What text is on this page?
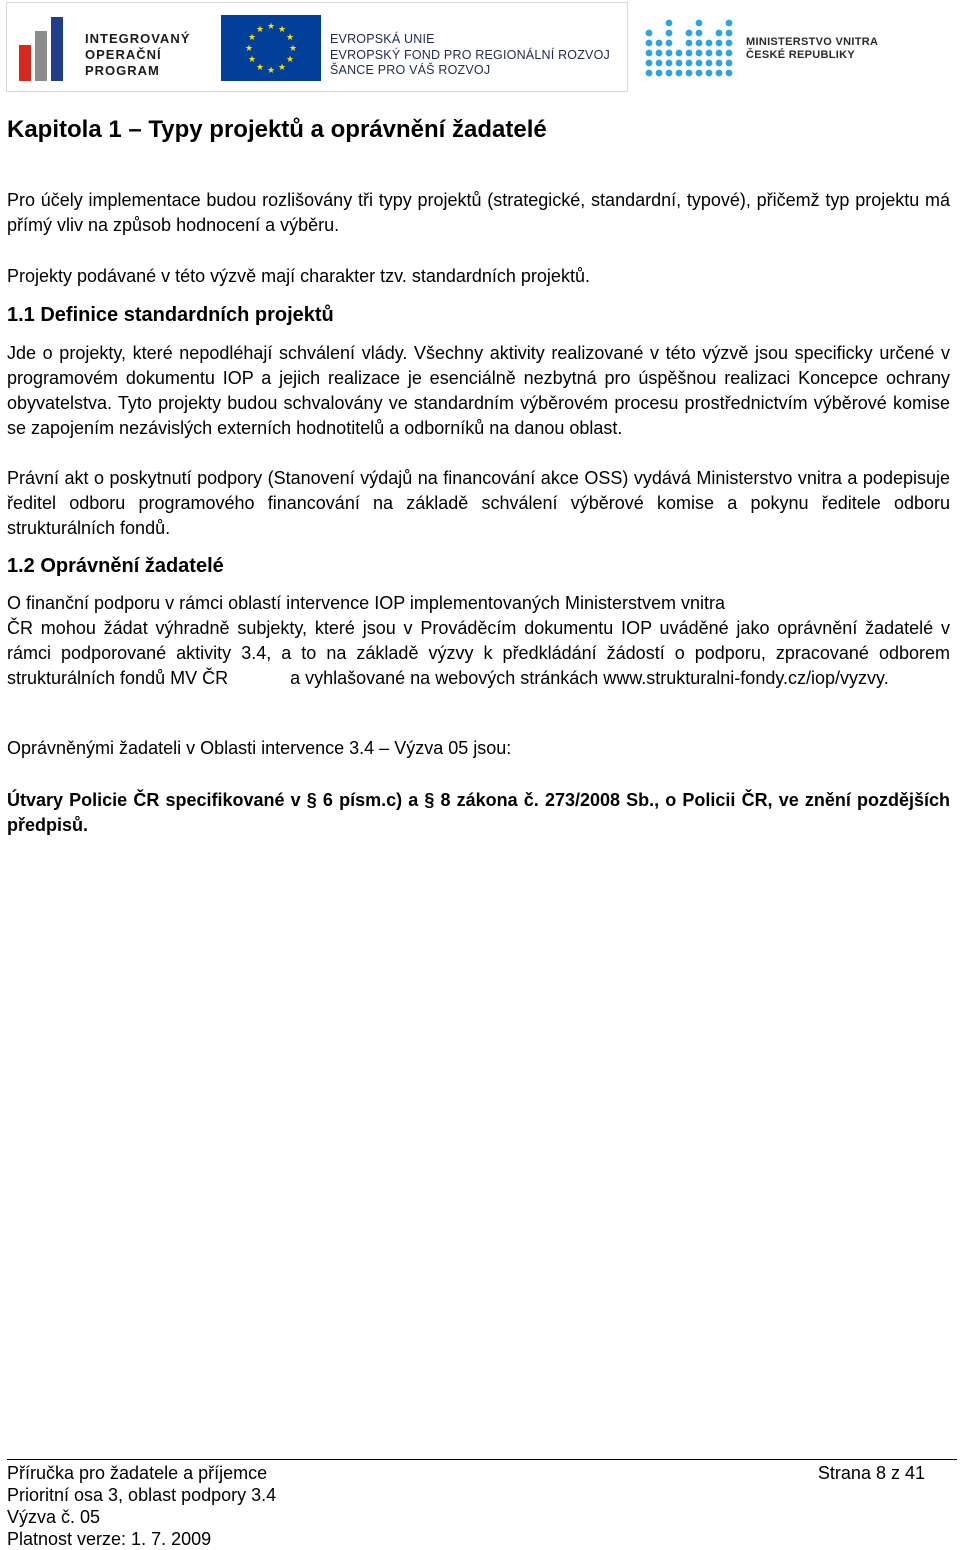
INTEGROVANÝ
OPERAČNÍ
PROGRAM
★ ★
★
★
★
★
★
★
★
★
★
★
EVROPSKÁ UNIE
EVROPSKÝ FOND PRO REGIONÁLNÍ ROZVOJ
ŠANCE PRO VÁŠ ROZVOJ
MINISTERSTVO VNITRA
ČESKÉ REPUBLIKY
Kapitola 1 – Typy projektů a oprávnění žadatelé

Pro účely implementace budou rozlišovány tři typy projektů (strategické, standardní, typové), přičemž typ projektu má přímý vliv na způsob hodnocení a výběru.

Projekty podávané v této výzvě mají charakter tzv. standardních projektů.

1.1 Definice standardních projektů

Jde o projekty, které nepodléhají schválení vlády. Všechny aktivity realizované v této výzvě jsou specificky určené v programovém dokumentu IOP a jejich realizace je esenciálně nezbytná pro úspěšnou realizaci Koncepce ochrany obyvatelstva. Tyto projekty budou schvalovány ve standardním výběrovém procesu prostřednictvím výběrové komise se zapojením nezávislých externích hodnotitelů a odborníků na danou oblast.

Právní akt o poskytnutí podpory (Stanovení výdajů na financování akce OSS) vydává Ministerstvo vnitra a podepisuje ředitel odboru programového financování na základě schválení výběrové komise a pokynu ředitele odboru strukturálních fondů.

1.2 Oprávnění žadatelé
O finanční podporu v rámci oblastí intervence IOP implementovaných Ministerstvem vnitra
ČR mohou žádat výhradně subjekty, které jsou v Prováděcím dokumentu IOP uváděné jako oprávnění žadatelé v rámci podporované aktivity 3.4, a to na základě výzvy k předkládání žádostí o podporu, zpracované odborem strukturálních fondů MV ČR	a vyhlašované na webových stránkách www.strukturalni-fondy.cz/iop/vyzvy.

Oprávněnými žadateli v Oblasti intervence 3.4 – Výzva 05 jsou:

Útvary Policie ČR specifikované v § 6 písm.c) a § 8 zákona č. 273/2008 Sb., o Policii ČR, ve znění pozdějších předpisů.

Příručka pro žadatele a příjemce
Prioritní osa 3, oblast podpory 3.4
Výzva č. 05
Platnost verze: 1. 7. 2009
Strana 8 z 41
